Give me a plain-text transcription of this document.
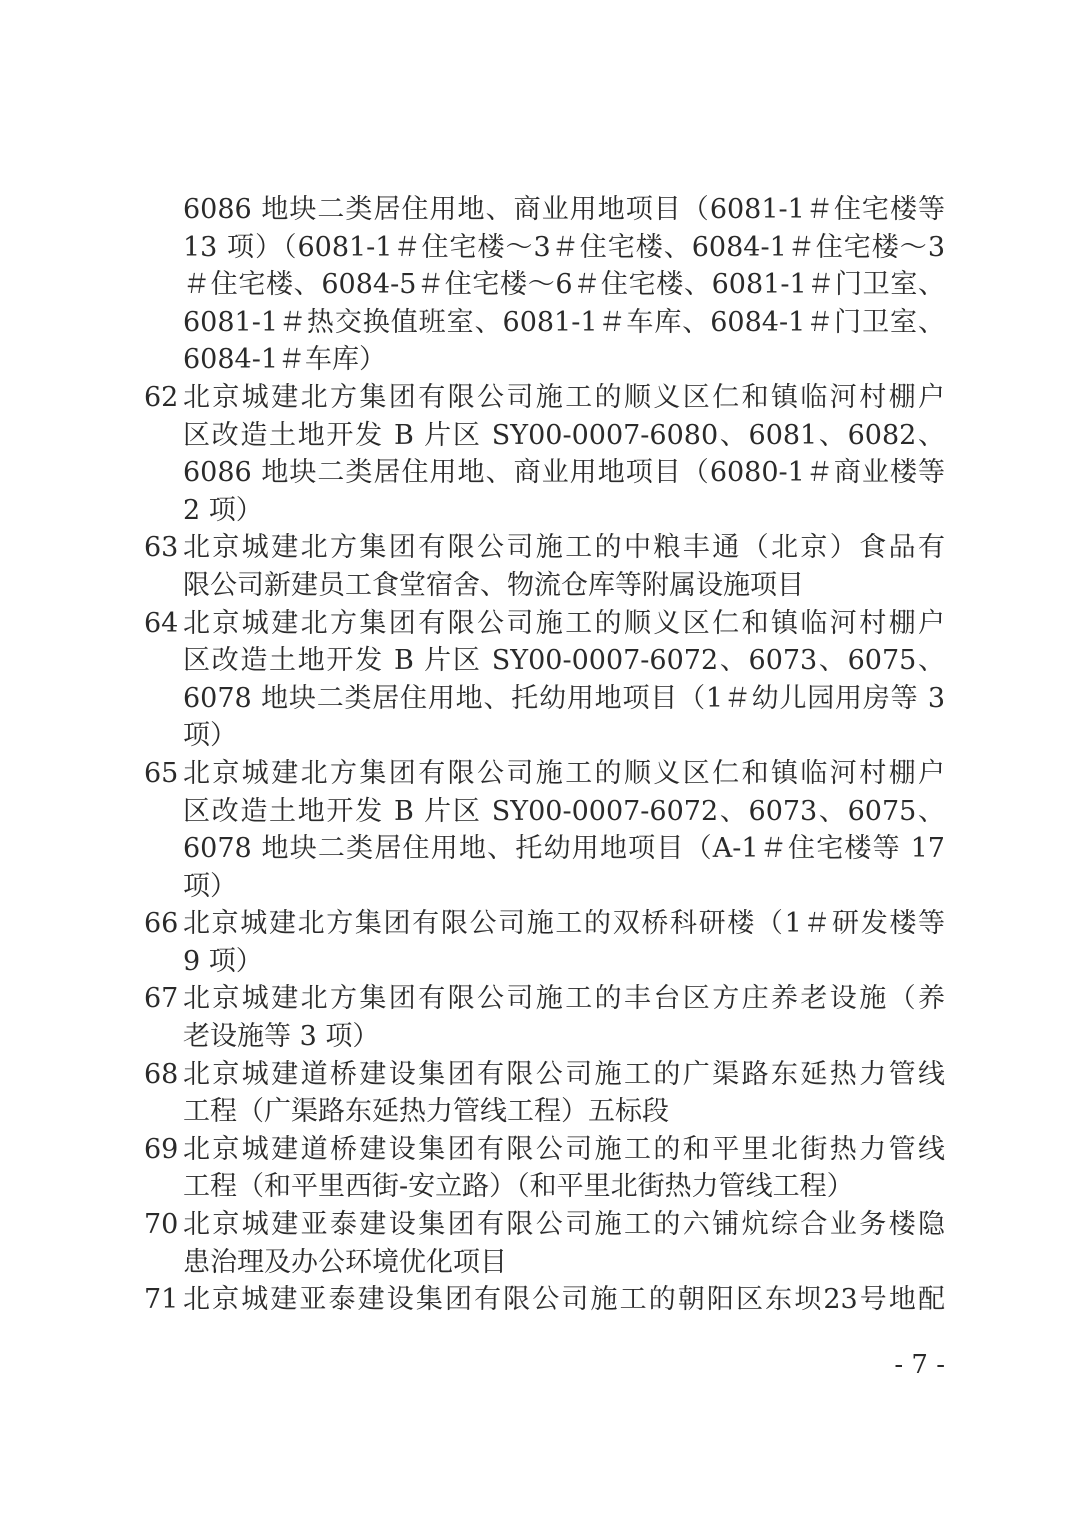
6086 地块二类居住用地、商业用地项目（6081-1＃住宅楼等
13 项）（6081-1＃住宅楼～3＃住宅楼、6084-1＃住宅楼～3
＃住宅楼、6084-5＃住宅楼～6＃住宅楼、6081-1＃门卫室、
6081-1＃热交换值班室、6081-1＃车库、6084-1＃门卫室、
6084-1＃车库）
62 北京城建北方集团有限公司施工的顺义区仁和镇临河村棚户
区改造土地开发 B 片区 SY00-0007-6080、6081、6082、
6086 地块二类居住用地、商业用地项目（6080-1＃商业楼等
2 项）
63 北京城建北方集团有限公司施工的中粮丰通（北京）食品有
限公司新建员工食堂宿舍、物流仓库等附属设施项目
64 北京城建北方集团有限公司施工的顺义区仁和镇临河村棚户
区改造土地开发 B 片区 SY00-0007-6072、6073、6075、
6078 地块二类居住用地、托幼用地项目（1＃幼儿园用房等 3
项）
65 北京城建北方集团有限公司施工的顺义区仁和镇临河村棚户
区改造土地开发 B 片区 SY00-0007-6072、6073、6075、
6078 地块二类居住用地、托幼用地项目（A-1＃住宅楼等 17
项）
66 北京城建北方集团有限公司施工的双桥科研楼（1＃研发楼等
9 项）
67 北京城建北方集团有限公司施工的丰台区方庄养老设施（养
老设施等 3 项）
68 北京城建道桥建设集团有限公司施工的广渠路东延热力管线
工程（广渠路东延热力管线工程）五标段
69 北京城建道桥建设集团有限公司施工的和平里北街热力管线
工程（和平里西街-安立路）（和平里北街热力管线工程）
70 北京城建亚泰建设集团有限公司施工的六铺炕综合业务楼隐
患治理及办公环境优化项目
71 北京城建亚泰建设集团有限公司施工的朝阳区东坝23号地配
- 7 -
